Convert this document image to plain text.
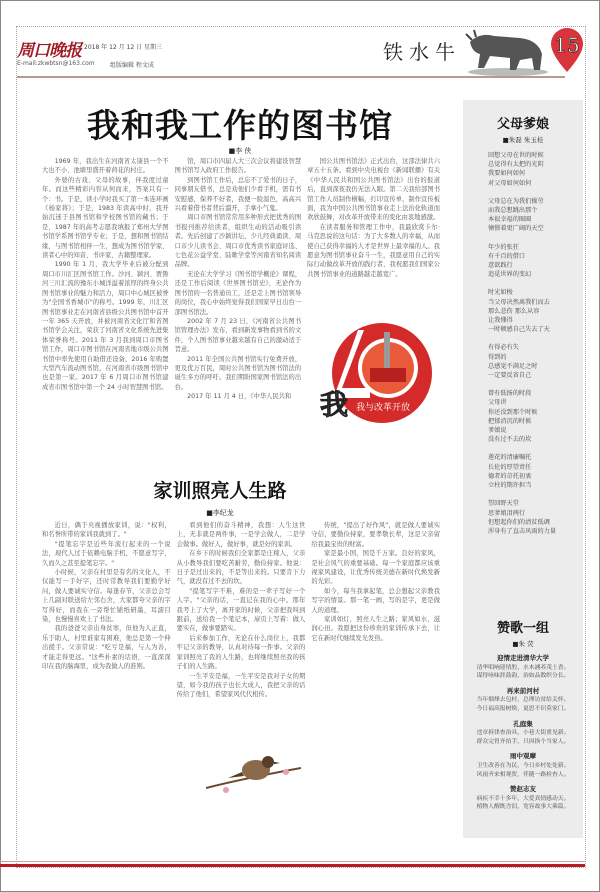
周口晚报 2018 年 12 月 12 日 星期三
E-mail:zkwbtsn@163.com	组版编辑 程文成
铁水牛	15
我和我工作的图书馆
■李 侠

1969 年，我出生在河南省太康县一个不大也不小、池塘里盛开着荷花的村庄。

外婆的古戏、父母的故事，伴我度过童年。而这些精彩内容从何而来，答案只有一个：书。于是，读小学时我买了第一本连环画《杨家将》；于是，1983 年读高中时，我开始沉迷于县图书馆和学校图书馆的藏书；于是，1987 年的高考志愿我填报了郑州大学图书馆学系图书馆学专业；于是，想和图书馆结缘，与图书馆相伴一生，想成为图书馆学家、读者心中的知音、书评家、古籍整理家。

1990 年 1 月，我大学毕业后被分配到周口市川汇区图书馆工作。沙河、颍河、贾鲁河三川汇流的豫东小城洋溢着浓厚的终身公共图书馆事业的魅力和活力，周口中心城区被誉为"全国书香城市"的称号。1999 年，川汇区图书馆事业走在河南省县级公共图书馆中首开一年 365 天开放，并被河南省文化厅和省图书馆学会关注，荣获了河南省文化系统先进集体荣誉称号。2011 年 3 月我到周口市图书馆工作，周口市图书馆在河南省地市级公共图书馆中率先使用自助借还设备，2016 年购置大型汽车流动图书馆，在河南省市级图书馆中也是第一家。2017 年 6 月周口市图书馆建成省市图书馆中第一个 24 小时智慧图书馆。

馆，周口市四届人大三次会议将建设智慧图书馆写入政府工作报告。

到图书馆工作后，总忘不了爱书的日子，同事朋友借书，总是劝他们少看手机，需有书安慰感，保养不好者，我便一脸温色，高高兴兴看着借书者背后溜开，手拿小气鬼。

周口市图书馆常常用多种形式把优秀的图书报刊推荐给读者，组织生动的活动吸引读者。先后创建了沙颍讲坛、少儿经典诵读、周口市少儿读书会、周口市优秀读书家庭评选、七色花公益学堂、陆歌学堂等河南省知名阅读品牌。

无论在大学学习《图书馆学概论》课程，还是工作后阅读《世界图书馆史》，无论作为图书馆的一名普通员工，还是走上图书馆领导的岗位，我心中始终觉得我们国家早日出台一部图书馆法。

2002 年 7 月 23 日，《河南省公共图书馆管理办法》发布，看到新发事物看到书的文件，个人图书馆事业越来越有自己的激动适于旨意。

2011 年全国公共图书馆实行免费开放，更及优万百民，周时公共图书馆为图书馆法的诞生多方的呼吁。我们期盼国家图书馆法的出台。

2017 年 11 月 4 日，《中华人民共和

国公共图书馆法》正式出台，这部法律共六章五十五条。看到中央电视台《新闻联播》有关《中华人民共和国公共图书馆法》出台的报道后，直到深夜我仍无法入眠。第二天我给部图书馆工作人员制作横幅，打印宣传单，制作宣传板面，我为中国公共图书馆事业走上法治化轨道而欢欣鼓舞，对改革开放带来的变化由衷地感激。

在读者服务和管理工作中，我最欣赏卡尔·马克思说的这句话：为了大多数人的幸福，从而使自己获得幸福的人才是世界上最幸福的人。我愿意为图书馆事业奋斗一生，我愿意用自己的实际行动做改革开放的践行者，我祝愿我们国家公共图书馆事业的道路越走越宽广。

我 我与改革开放
家训照亮人生路
■李纪龙

近日，偶于央视播放家训，说："权利，和名誉所带的家训我就到了。"

"提笔忘字是近些年流行起来的一个说法，现代人过于依赖电脑手机，不愿意写字，久而久之甚至提笔忘字。"

小时候，父亲在村里是有名的文化人，不仅能写一手好字，还时常教导我们要勤学好问，做人要诚实守信。每逢春节，父亲总会写上几副对联送给左邻右舍，大家都夸父亲的字写得好，而我在一旁帮忙铺纸研墨，耳濡目染，也慢慢喜欢上了书法。

我的爸爸父亲出身贫寒，但他为人正直，乐于助人，村里谁家有困难，他总是第一个伸出援手。父亲常说："吃亏是福，与人为善，才能走得更远。"这些朴素的话语，一直深深印在我的脑海里，成为我做人的准则。

看到他们的奋斗精神，我想：人生这世上，无非就是两件事，一是学会做人，二是学会做事。做好人，做好事，就是好的家训。

在乡下的时候我们全家都是庄稼人，父亲从小教导我们要吃苦耐劳，勤俭持家。他说：日子是过出来的，不是等出来的。只要肯下力气，就没有过不去的坎。

"提笔写字不难，难的是一辈子写好一个人字。"父亲的话，一直记在我的心中。那年我考上了大学，离开家的时候，父亲把我叫到跟前，送给我一个笔记本，扉页上写着：做人要实在，做事要踏实。

后来参加工作，无论在什么岗位上，我都牢记父亲的教导，认真对待每一件事。父亲的家训照亮了我的人生路，也将继续照亮我的孩子们的人生路。

一生平安是福，一生平安是我对子女的期望，如今我的孩子也长大成人，我把父亲的话传给了他们，希望家风代代相传。

传统，"提出了好作风"，就是做人要诚实守信，要勤俭持家，要孝敬长辈，这是父亲留给我最宝贵的财富。

家是最小国，国是千万家。良好的家风，是社会风气的重要基础。每一个家庭都应该重视家风建设，让优秀传统美德在新时代焕发新的光彩。

如今，每当我拿起笔，总会想起父亲教我写字的情景。那一笔一画，写的是字，更是做人的道理。

家训如灯，照亮人生之路；家风如水，滋润心田。我愿把这份珍贵的家训传承下去，让它在新时代继续发光发热。

父母爹娘
■朱磊 朱玉桂
回想父母在世的时候
总觉得有太把的光阴
我要如何如何
对父母如何如何
父母总在为我们操劳
而我总想跳出那个
本很幸福的圈圈
憧憬着更广阔的天空
年少的张狂
有千百的借口
意欲践行
追觅世界的变幻
时光如梭
当父母决然离我们而去
那么悲伤 那么从容
让我懂得
一时顿感自己失去了天
有得必有失
得到的
总感觉不满足之时
一定要反省自己
曾有低扬的时段
父母讲
你还没到那个时候
把郁消沉的时候
爹娘说
没有过不去的坎
莲花的清廉嘱托
长伦的厚望责任
德者的苛托初衷
立柱的期许担当
望回野天堂
思爹娘泪两行
但想起你们的清贫低调
浑身有了直击风雨的力量
赞歌一组
■朱 荧
迎情走进清华大学
清华唱响迎情腔，水木涵养茂土香。
谋得咏味涯鼓韵，治如品数织分长。
再来前河村
当年烟烽去包村，总理访贫给关怀。
今日福高报树焕，更思不识莫家门。
孔庭集
违章拆律查治具，小巷大街重见新。
群众完胃齐拍手，只因换个当家人。
雨中观摩
卫生改善在为民，今日乡村处处新。
风雨齐来相观贺，伴随一路检查人。
赞赵志友
病疾不幸十多年，大爱真情感动天。
植物人醒既含泪，宽容故事大乘篇。
